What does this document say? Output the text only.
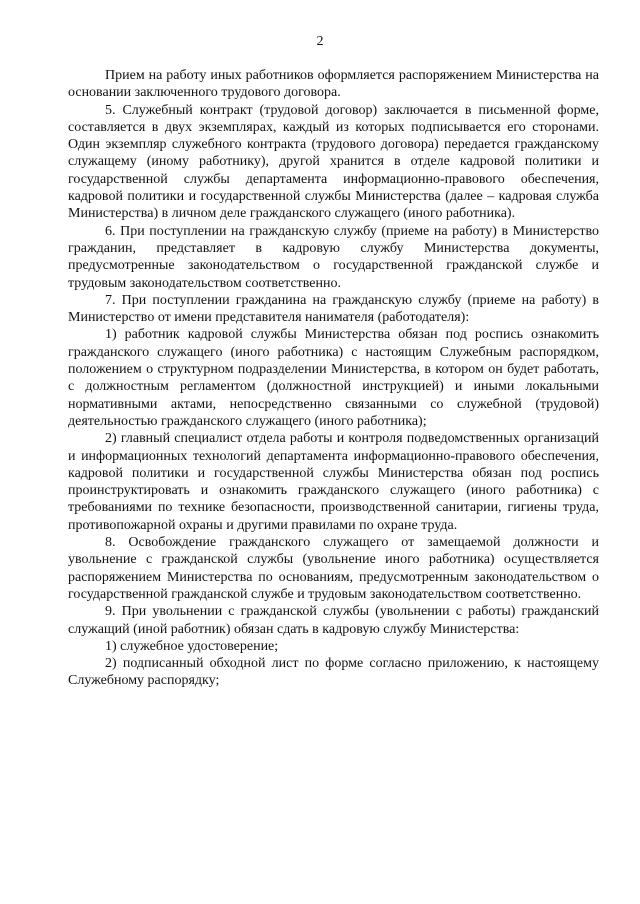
2

Прием на работу иных работников оформляется распоряжением Министерства на основании заключенного трудового договора.

5. Служебный контракт (трудовой договор) заключается в письменной форме, составляется в двух экземплярах, каждый из которых подписывается его сторонами. Один экземпляр служебного контракта (трудового договора) передается гражданскому служащему (иному работнику), другой хранится в отделе кадровой политики и государственной службы департамента информационно-правового обеспечения, кадровой политики и государственной службы Министерства (далее – кадровая служба Министерства) в личном деле гражданского служащего (иного работника).

6. При поступлении на гражданскую службу (приеме на работу) в Министерство гражданин, представляет в кадровую службу Министерства документы, предусмотренные законодательством о государственной гражданской службе и трудовым законодательством соответственно.

7. При поступлении гражданина на гражданскую службу (приеме на работу) в Министерство от имени представителя нанимателя (работодателя):

1) работник кадровой службы Министерства обязан под роспись ознакомить гражданского служащего (иного работника) с настоящим Служебным распорядком, положением о структурном подразделении Министерства, в котором он будет работать, с должностным регламентом (должностной инструкцией) и иными локальными нормативными актами, непосредственно связанными со служебной (трудовой) деятельностью гражданского служащего (иного работника);

2) главный специалист отдела работы и контроля подведомственных организаций и информационных технологий департамента информационно-правового обеспечения, кадровой политики и государственной службы Министерства обязан под роспись проинструктировать и ознакомить гражданского служащего (иного работника) с требованиями по технике безопасности, производственной санитарии, гигиены труда, противопожарной охраны и другими правилами по охране труда.

8. Освобождение гражданского служащего от замещаемой должности и увольнение с гражданской службы (увольнение иного работника) осуществляется распоряжением Министерства по основаниям, предусмотренным законодательством о государственной гражданской службе и трудовым законодательством соответственно.

9. При увольнении с гражданской службы (увольнении с работы) гражданский служащий (иной работник) обязан сдать в кадровую службу Министерства:

1) служебное удостоверение;

2) подписанный обходной лист по форме согласно приложению, к настоящему Служебному распорядку;
